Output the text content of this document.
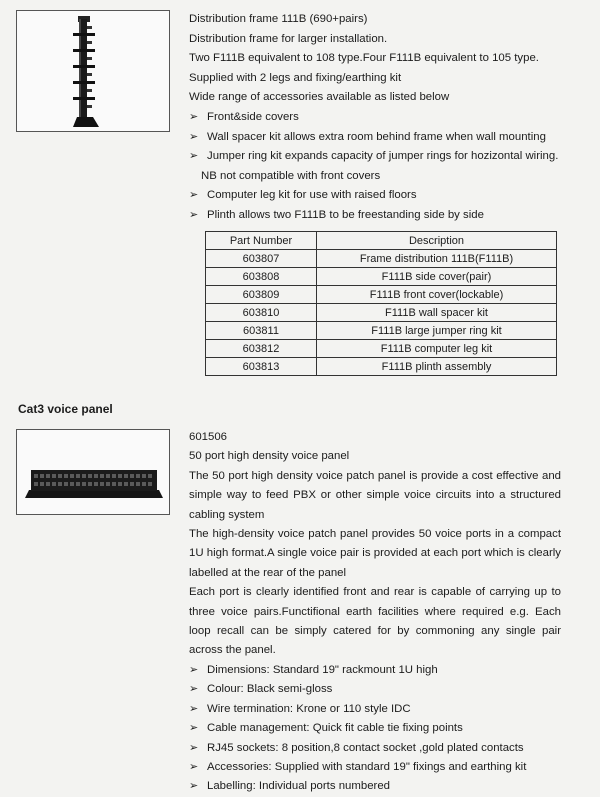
Distribution frame 111B (690+pairs)
Distribution frame for larger installation.
Two F111B equivalent to 108 type.Four F111B equivalent to 105 type.
Supplied with 2 legs and fixing/earthing kit
Wide range of accessories available as listed below
➢ Front&side covers
➢ Wall spacer kit allows extra room behind frame when wall mounting
➢ Jumper ring kit expands capacity of jumper rings for hozizontal wiring.
NB not compatible with front covers
➢ Computer leg kit for use with raised floors
➢ Plinth allows two F111B to be freestanding side by side
Part Number	Description
603807	Frame distribution 111B(F111B)
603808	F111B side cover(pair)
603809	F111B front cover(lockable)
603810	F111B wall spacer kit
603811	F111B large jumper ring kit
603812	F111B computer leg kit
603813	F111B plinth assembly
Cat3 voice panel
601506
50 port high density voice panel
The 50 port high density voice patch panel is provide a cost effective and simple way to feed PBX or other simple voice circuits into a structured cabling system
The high-density voice patch panel provides 50 voice ports in a compact 1U high format.A single voice pair is provided at each port which is clearly labelled at the rear of the panel
Each port is clearly identified front and rear is capable of carrying up to three voice pairs.Functifional earth facilities where required e.g. Each loop recall can be simply catered for by commoning any single pair across the panel.
➢ Dimensions: Standard 19" rackmount 1U high
➢ Colour: Black semi-gloss
➢ Wire termination: Krone or 110 style IDC
➢ Cable management: Quick fit cable tie fixing points
➢ RJ45 sockets: 8 position,8 contact socket ,gold plated contacts
➢ Accessories: Supplied with standard 19" fixings and earthing kit
➢ Labelling: Individual ports numbered
